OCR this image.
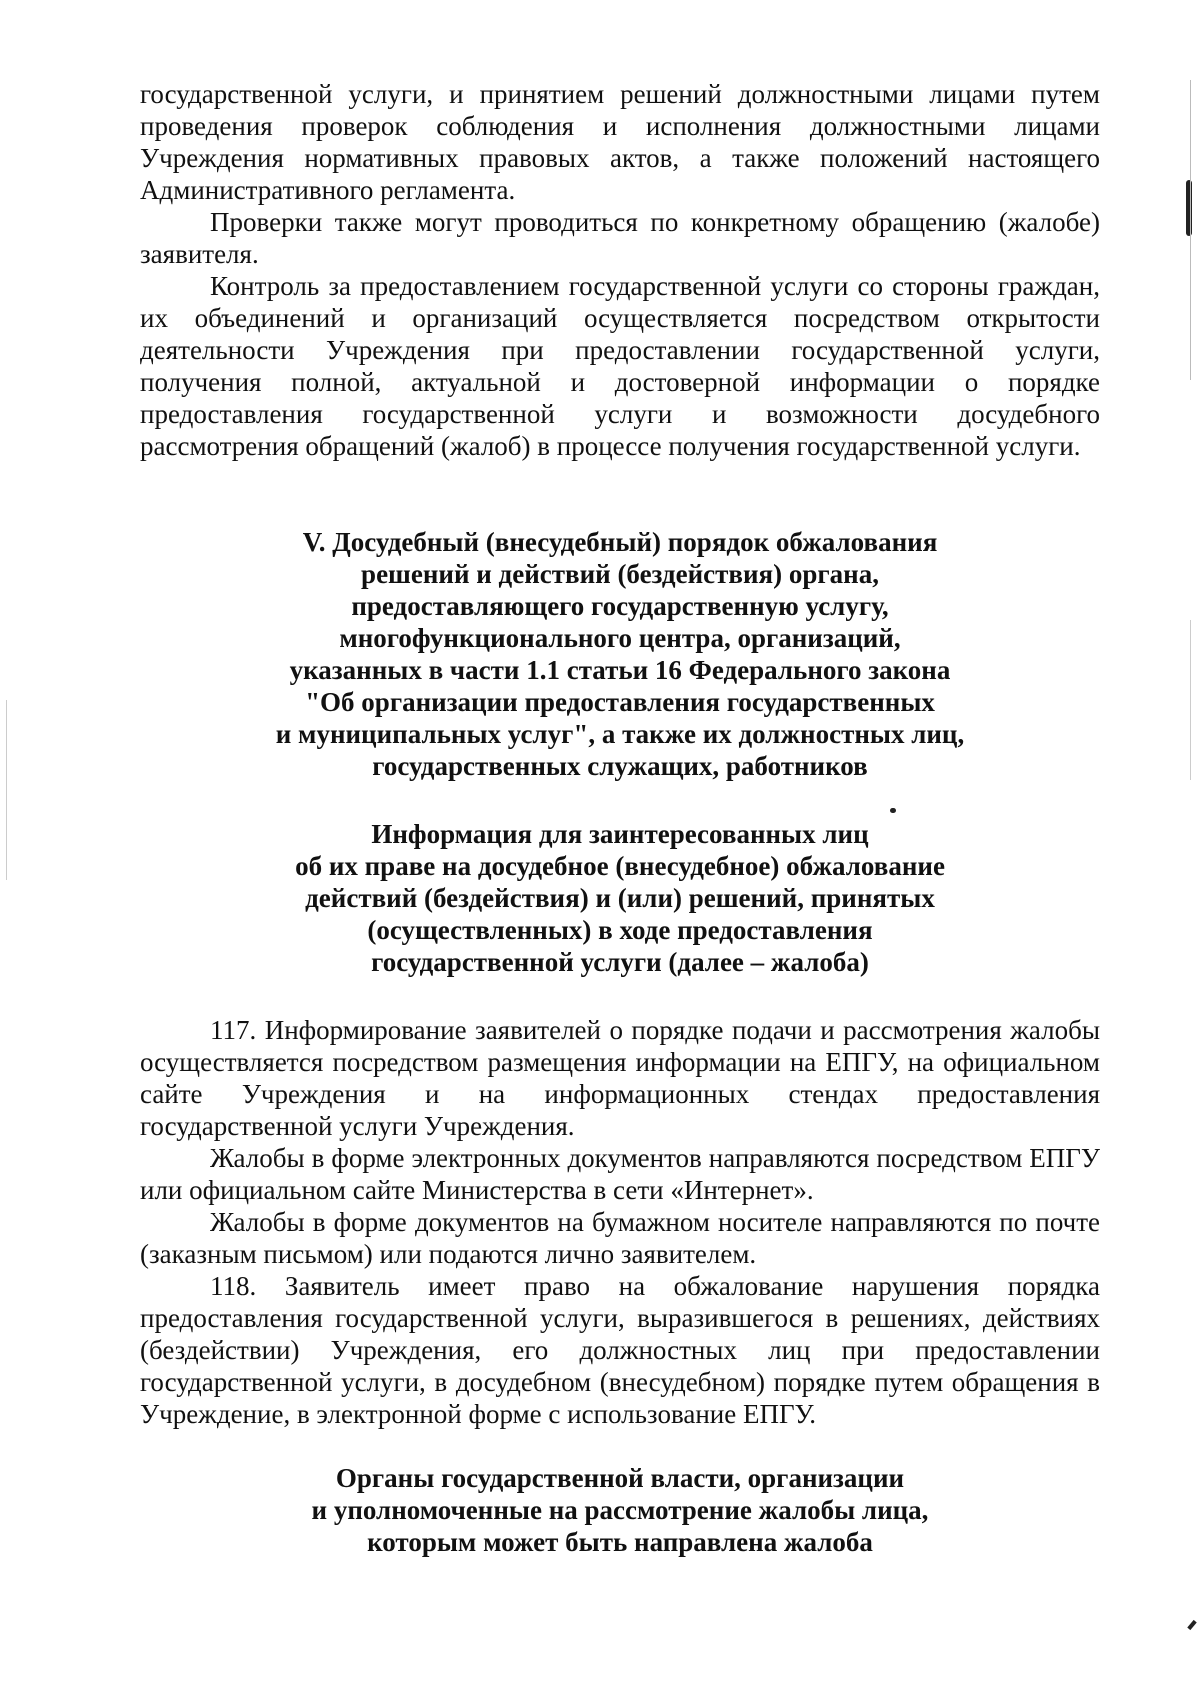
государственной услуги, и принятием решений должностными лицами путем проведения проверок соблюдения и исполнения должностными лицами Учреждения нормативных правовых актов, а также положений настоящего Административного регламента.

Проверки также могут проводиться по конкретному обращению (жалобе) заявителя.

Контроль за предоставлением государственной услуги со стороны граждан, их объединений и организаций осуществляется посредством открытости деятельности Учреждения при предоставлении государственной услуги, получения полной, актуальной и достоверной информации о порядке предоставления государственной услуги и возможности досудебного рассмотрения обращений (жалоб) в процессе получения государственной услуги.

V. Досудебный (внесудебный) порядок обжалования
решений и действий (бездействия) органа,
предоставляющего государственную услугу,
многофункционального центра, организаций,
указанных в части 1.1 статьи 16 Федерального закона
"Об организации предоставления государственных
и муниципальных услуг", а также их должностных лиц,
государственных служащих, работников
Информация для заинтересованных лиц
об их праве на досудебное (внесудебное) обжалование
действий (бездействия) и (или) решений, принятых
(осуществленных) в ходе предоставления
государственной услуги (далее – жалоба)

117. Информирование заявителей о порядке подачи и рассмотрения жалобы осуществляется посредством размещения информации на ЕПГУ, на официальном сайте Учреждения и на информационных стендах предоставления государственной услуги Учреждения.

Жалобы в форме электронных документов направляются посредством ЕПГУ или официальном сайте Министерства в сети «Интернет».

Жалобы в форме документов на бумажном носителе направляются по почте (заказным письмом) или подаются лично заявителем.

118. Заявитель имеет право на обжалование нарушения порядка предоставления государственной услуги, выразившегося в решениях, действиях (бездействии) Учреждения, его должностных лиц при предоставлении государственной услуги, в досудебном (внесудебном) порядке путем обращения в Учреждение, в электронной форме с использование ЕПГУ.

Органы государственной власти, организации
и уполномоченные на рассмотрение жалобы лица,
которым может быть направлена жалоба
